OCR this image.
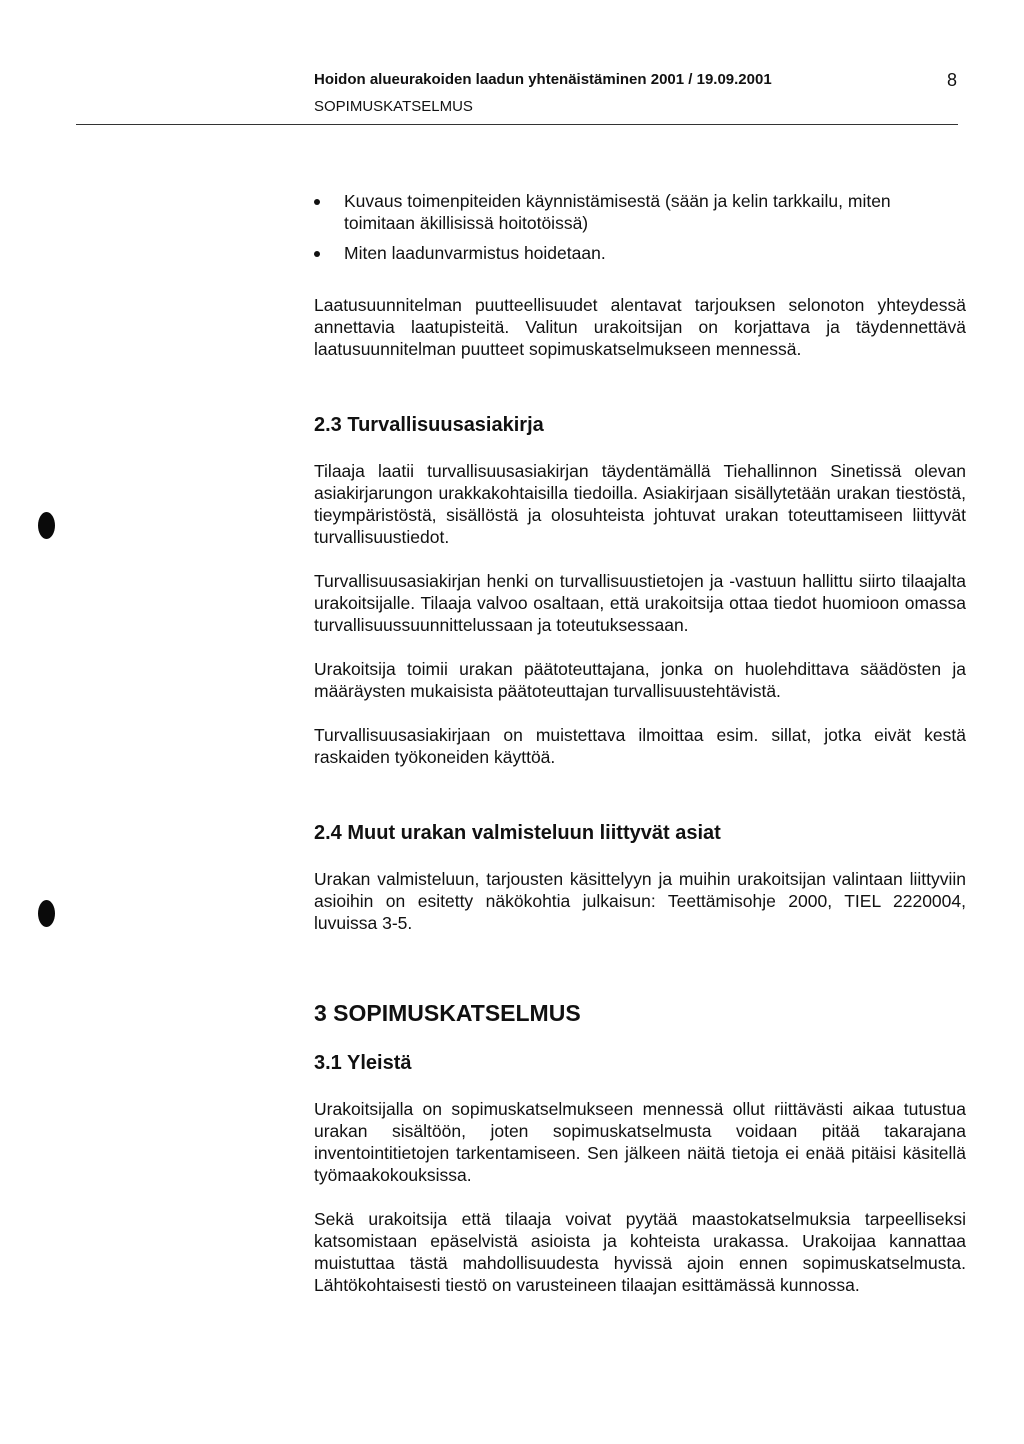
Hoidon alueurakoiden laadun yhtenäistäminen 2001 / 19.09.2001
SOPIMUSKATSELMUS
8
Kuvaus toimenpiteiden käynnistämisestä (sään ja kelin tarkkailu, miten toimitaan äkillisissä hoitotöissä)
Miten laadunvarmistus hoidetaan.

Laatusuunnitelman puutteellisuudet alentavat tarjouksen selonoton yhteydessä annettavia laatupisteitä. Valitun urakoitsijan on korjattava ja täydennettävä laatusuunnitelman puutteet sopimuskatselmukseen mennessä.

2.3 Turvallisuusasiakirja

Tilaaja laatii turvallisuusasiakirjan täydentämällä Tiehallinnon Sinetissä olevan asiakirjarungon urakkakohtaisilla tiedoilla. Asiakirjaan sisällytetään urakan tiestöstä, tieympäristöstä, sisällöstä ja olosuhteista johtuvat urakan toteuttamiseen liittyvät turvallisuustiedot.

Turvallisuusasiakirjan henki on turvallisuustietojen ja -vastuun hallittu siirto tilaajalta urakoitsijalle. Tilaaja valvoo osaltaan, että urakoitsija ottaa tiedot huomioon omassa turvallisuussuunnittelussaan ja toteutuksessaan.

Urakoitsija toimii urakan päätoteuttajana, jonka on huolehdittava säädösten ja määräysten mukaisista päätoteuttajan turvallisuustehtävistä.

Turvallisuusasiakirjaan on muistettava ilmoittaa esim. sillat, jotka eivät kestä raskaiden työkoneiden käyttöä.

2.4 Muut urakan valmisteluun liittyvät asiat

Urakan valmisteluun, tarjousten käsittelyyn ja muihin urakoitsijan valintaan liittyviin asioihin on esitetty näkökohtia julkaisun: Teettämisohje 2000, TIEL 2220004, luvuissa 3-5.

3 SOPIMUSKATSELMUS
3.1 Yleistä

Urakoitsijalla on sopimuskatselmukseen mennessä ollut riittävästi aikaa tutustua urakan sisältöön, joten sopimuskatselmusta voidaan pitää takarajana inventointitietojen tarkentamiseen. Sen jälkeen näitä tietoja ei enää pitäisi käsitellä työmaakokouksissa.

Sekä urakoitsija että tilaaja voivat pyytää maastokatselmuksia tarpeelliseksi katsomistaan epäselvistä asioista ja kohteista urakassa. Urakoijaa kannattaa muistuttaa tästä mahdollisuudesta hyvissä ajoin ennen sopimuskatselmusta. Lähtökohtaisesti tiestö on varusteineen tilaajan esittämässä kunnossa.
